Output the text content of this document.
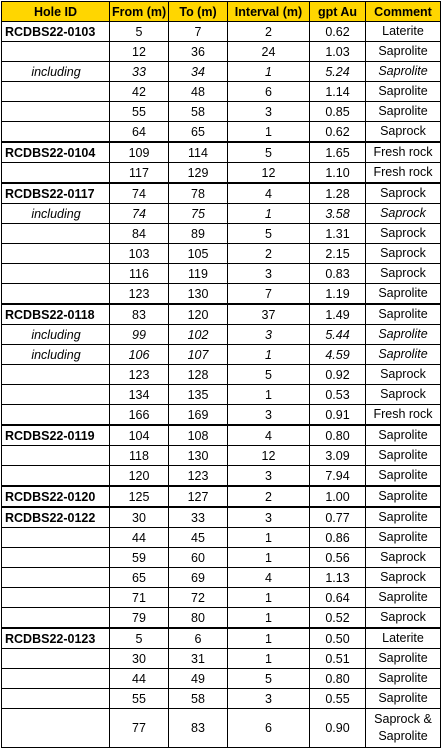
Hole ID	From (m)	To (m)	Interval (m)	gpt Au	Comment
RCDBS22-0103	5	7	2	0.62	Laterite
	12	36	24	1.03	Saprolite
including	33	34	1	5.24	Saprolite
	42	48	6	1.14	Saprolite
	55	58	3	0.85	Saprolite
	64	65	1	0.62	Saprock
RCDBS22-0104	109	114	5	1.65	Fresh rock
	117	129	12	1.10	Fresh rock
RCDBS22-0117	74	78	4	1.28	Saprock
including	74	75	1	3.58	Saprock
	84	89	5	1.31	Saprock
	103	105	2	2.15	Saprock
	116	119	3	0.83	Saprock
	123	130	7	1.19	Saprolite
RCDBS22-0118	83	120	37	1.49	Saprolite
including	99	102	3	5.44	Saprolite
including	106	107	1	4.59	Saprolite
	123	128	5	0.92	Saprock
	134	135	1	0.53	Saprock
	166	169	3	0.91	Fresh rock
RCDBS22-0119	104	108	4	0.80	Saprolite
	118	130	12	3.09	Saprolite
	120	123	3	7.94	Saprolite
RCDBS22-0120	125	127	2	1.00	Saprolite
RCDBS22-0122	30	33	3	0.77	Saprolite
	44	45	1	0.86	Saprolite
	59	60	1	0.56	Saprock
	65	69	4	1.13	Saprock
	71	72	1	0.64	Saprolite
	79	80	1	0.52	Saprock
RCDBS22-0123	5	6	1	0.50	Laterite
	30	31	1	0.51	Saprolite
	44	49	5	0.80	Saprolite
	55	58	3	0.55	Saprolite
	77	83	6	0.90	Saprock & Saprolite
